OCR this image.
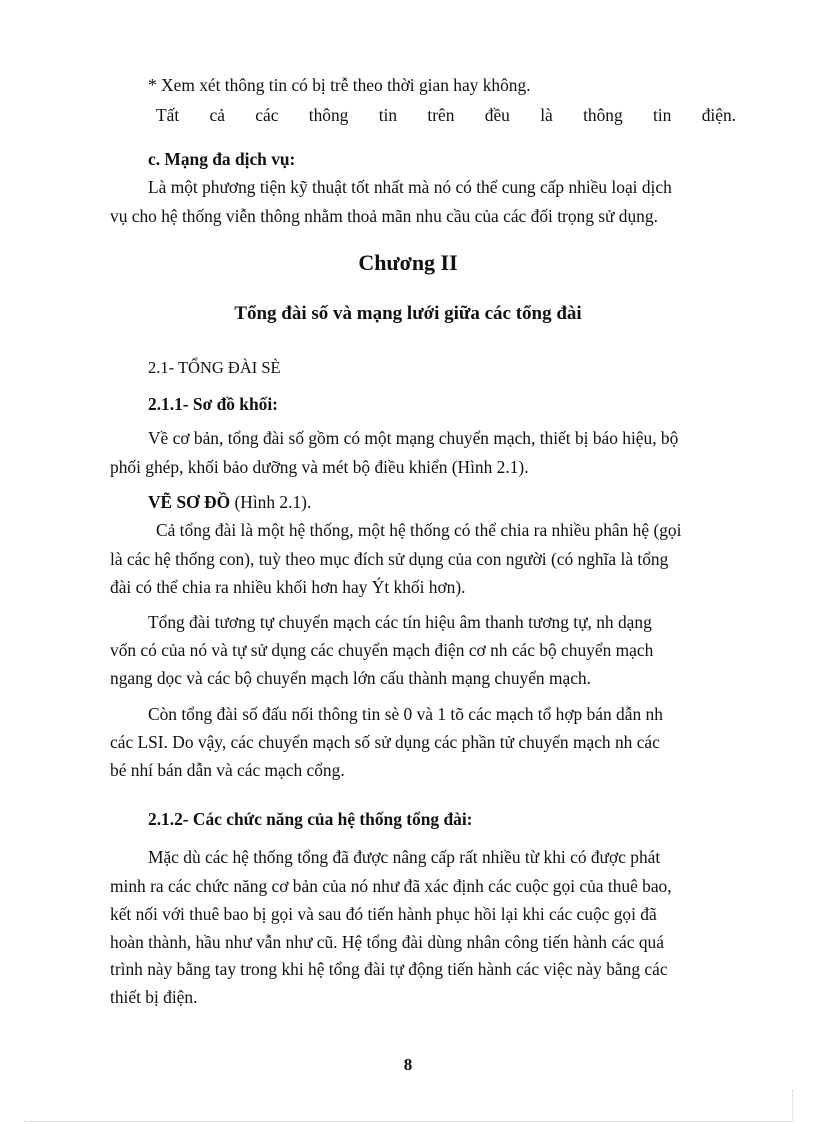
* Xem xét thông tin có bị trễ theo thời gian hay không.
Tất cả các thông tin trên đều là thông tin điện.
c. Mạng đa dịch vụ:
Là một phương tiện kỹ thuật tốt nhất mà nó có thể cung cấp nhiều loại dịch
vụ cho hệ thống viễn thông nhằm thoả mãn nhu cầu của các đối trọng sử dụng.
Chương II
Tổng đài số và mạng lưới giữa các tổng đài
2.1- TỔNG ĐÀI SÈ
2.1.1- Sơ đồ khối:
Về cơ bản, tổng đài số gồm có một mạng chuyển mạch, thiết bị báo hiệu, bộ
phối ghép, khối bảo dưỡng và mét bộ điều khiển (Hình 2.1).
VẼ SƠ ĐỒ (Hình 2.1).
Cả tổng đài là một hệ thống, một hệ thống có thể chia ra nhiều phân hệ (gọi
là các hệ thống con), tuỳ theo mục đích sử dụng của con người (có nghĩa là tổng
đài có thể chia ra nhiều khối hơn hay Ýt khối hơn).
Tổng đài tương tự chuyển mạch các tín hiệu âm thanh tương tự, nh dạng
vốn có của nó và tự sử dụng các chuyển mạch điện cơ nh các bộ chuyển mạch
ngang dọc và các bộ chuyển mạch lớn cấu thành mạng chuyển mạch.
Còn tổng đài số đấu nối thông tin sè 0 và 1 tõ các mạch tổ hợp bán dẫn nh
các LSI. Do vậy, các chuyển mạch số sử dụng các phần tử chuyển mạch nh các
bé nhí bán dẫn và các mạch cổng.
2.1.2- Các chức năng của hệ thống tổng đài:
Mặc dù các hệ thống tổng đã được nâng cấp rất nhiều từ khi có được phát
minh ra các chức năng cơ bản của nó như đã xác định các cuộc gọi của thuê bao,
kết nối với thuê bao bị gọi và sau đó tiến hành phục hồi lại khi các cuộc gọi đã
hoàn thành, hầu như vẫn như cũ. Hệ tổng đài dùng nhân công tiến hành các quá
trình này bằng tay trong khi hệ tổng đài tự động tiến hành các việc này bằng các
thiết bị điện.
8
